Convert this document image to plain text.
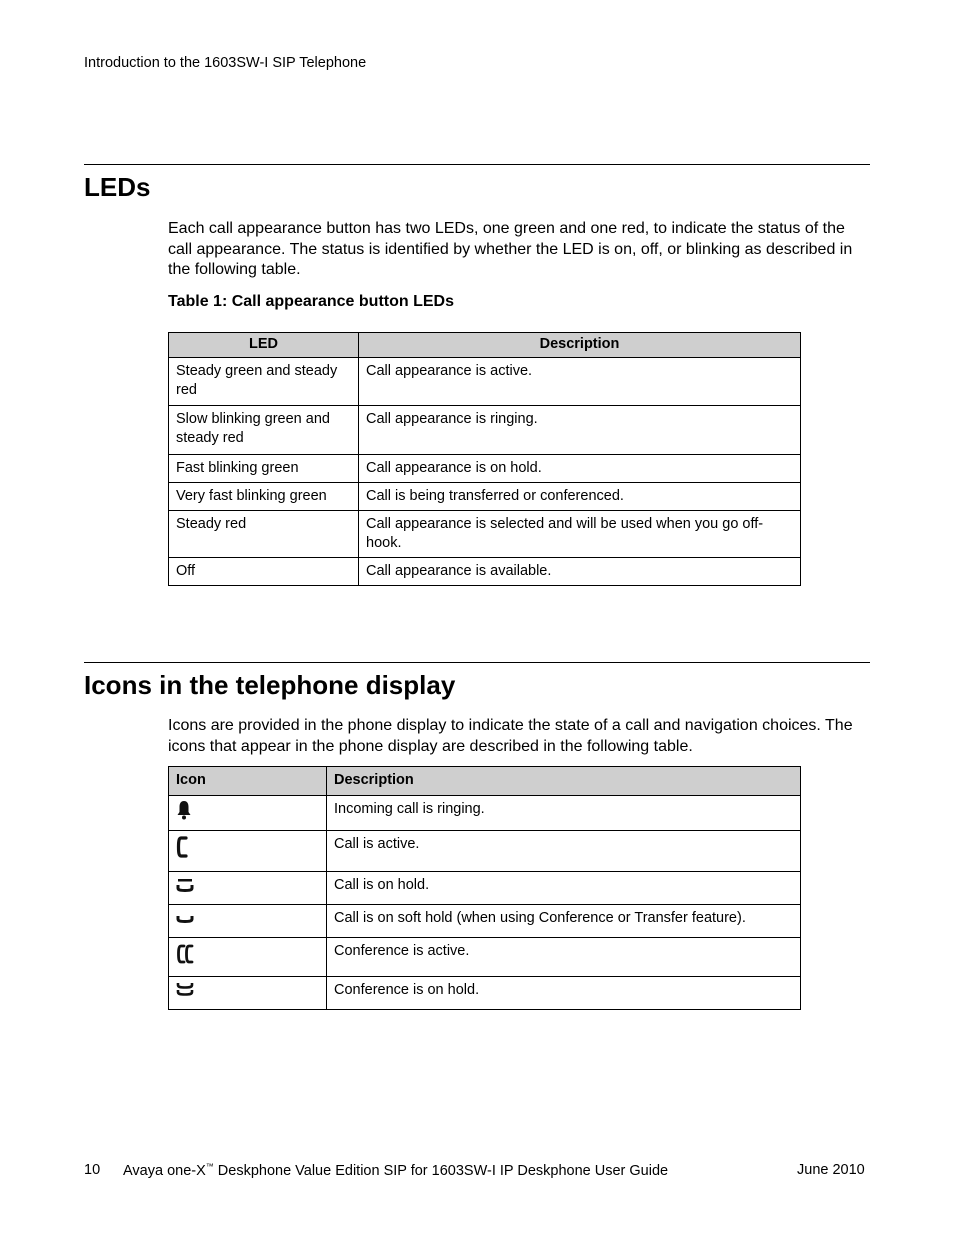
Introduction to the 1603SW-I SIP Telephone
LEDs

Each call appearance button has two LEDs, one green and one red, to indicate the status of the call appearance. The status is identified by whether the LED is on, off, or blinking as described in the following table.

Table 1: Call appearance button LEDs
LED	Description
Steady green and steady red	Call appearance is active.
Slow blinking green and steady red	Call appearance is ringing.
Fast blinking green	Call appearance is on hold.
Very fast blinking green	Call is being transferred or conferenced.
Steady red	Call appearance is selected and will be used when you go off-hook.
Off	Call appearance is available.
Icons in the telephone display

Icons are provided in the phone display to indicate the state of a call and navigation choices. The icons that appear in the phone display are described in the following table.

Icon	Description
	Incoming call is ringing.
	Call is active.
	Call is on hold.
	Call is on soft hold (when using Conference or Transfer feature).
	Conference is active.
	Conference is on hold.
10 Avaya one-X™ Deskphone Value Edition SIP for 1603SW-I IP Deskphone User Guide	June 2010
